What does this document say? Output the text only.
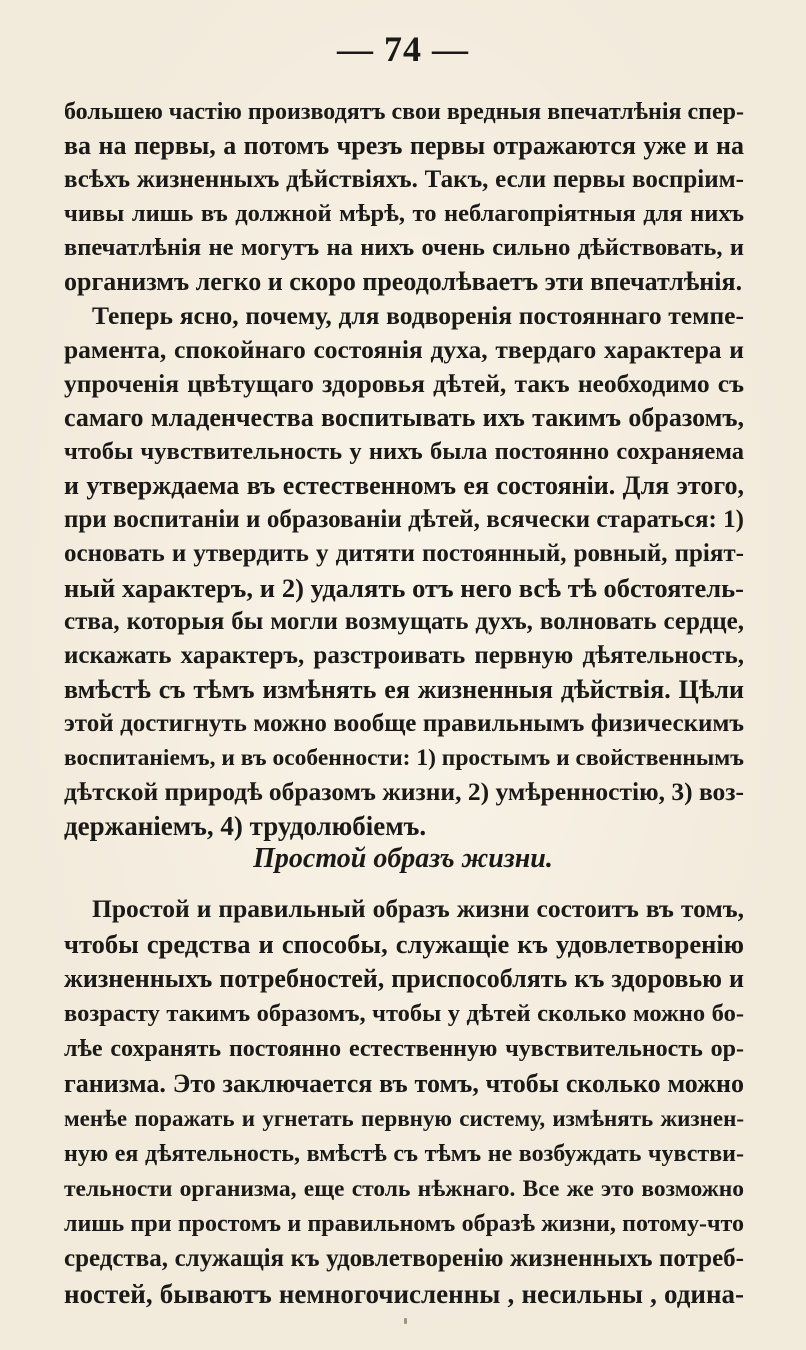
— 74 —
большею частію производятъ свои вредныя впечатлѣнія спер-
ва на первы, а потомъ чрезъ первы отражаются уже и на
всѣхъ жизненныхъ дѣйствіяхъ. Такъ, если первы воспріим-
чивы лишь въ должной мѣрѣ, то неблагопріятныя для нихъ
впечатлѣнія не могутъ на нихъ очень сильно дѣйствовать, и
организмъ легко и скоро преодолѣваетъ эти впечатлѣнія.
Теперь ясно, почему, для водворенія постояннаго темпе-
рамента, спокойнаго состоянія духа, твердаго характера и
упроченія цвѣтущаго здоровья дѣтей, такъ необходимо съ
самаго младенчества воспитывать ихъ такимъ образомъ,
чтобы чувствительность у нихъ была постоянно сохраняема
и утверждаема въ естественномъ ея состояніи. Для этого,
при воспитаніи и образованіи дѣтей, всячески стараться: 1)
основать и утвердить у дитяти постоянный, ровный, пріят-
ный характеръ, и 2) удалять отъ него всѣ тѣ обстоятель-
ства, которыя бы могли возмущать духъ, волновать сердце,
искажать характеръ, разстроивать первную дѣятельность,
вмѣстѣ съ тѣмъ измѣнять ея жизненныя дѣйствія. Цѣли
этой достигнуть можно вообще правильнымъ физическимъ
воспитаніемъ, и въ особенности: 1) простымъ и свойственнымъ
дѣтской природѣ образомъ жизни, 2) умѣренностію, 3) воз-
держаніемъ, 4) трудолюбіемъ.
Простой образъ жизни.
Простой и правильный образъ жизни состоитъ въ томъ,
чтобы средства и способы, служащіе къ удовлетворенію
жизненныхъ потребностей, приспособлять къ здоровью и
возрасту такимъ образомъ, чтобы у дѣтей сколько можно бо-
лѣе сохранять постоянно естественную чувствительность ор-
ганизма. Это заключается въ томъ, чтобы сколько можно
менѣе поражать и угнетать первную систему, измѣнять жизнен-
ную ея дѣятельность, вмѣстѣ съ тѣмъ не возбуждать чувстви-
тельности организма, еще столь нѣжнаго. Все же это возможно
лишь при простомъ и правильномъ образѣ жизни, потому-что
средства, служащія къ удовлетворенію жизненныхъ потреб-
ностей, бываютъ немногочисленны , несильны , одина-
